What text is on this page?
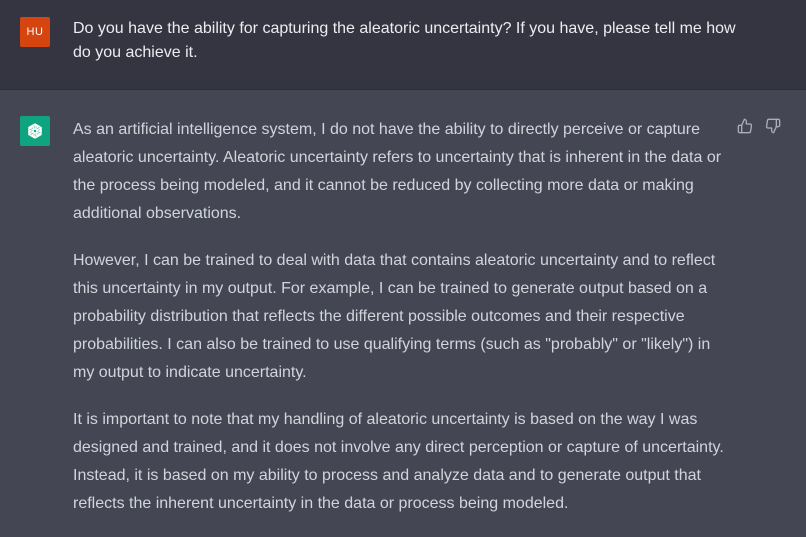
HU Do you have the ability for capturing the aleatoric uncertainty? If you have, please tell me how do you achieve it.

As an artificial intelligence system, I do not have the ability to directly perceive or capture aleatoric uncertainty. Aleatoric uncertainty refers to uncertainty that is inherent in the data or the process being modeled, and it cannot be reduced by collecting more data or making additional observations.

However, I can be trained to deal with data that contains aleatoric uncertainty and to reflect this uncertainty in my output. For example, I can be trained to generate output based on a probability distribution that reflects the different possible outcomes and their respective probabilities. I can also be trained to use qualifying terms (such as "probably" or "likely") in my output to indicate uncertainty.

It is important to note that my handling of aleatoric uncertainty is based on the way I was designed and trained, and it does not involve any direct perception or capture of uncertainty. Instead, it is based on my ability to process and analyze data and to generate output that reflects the inherent uncertainty in the data or process being modeled.
